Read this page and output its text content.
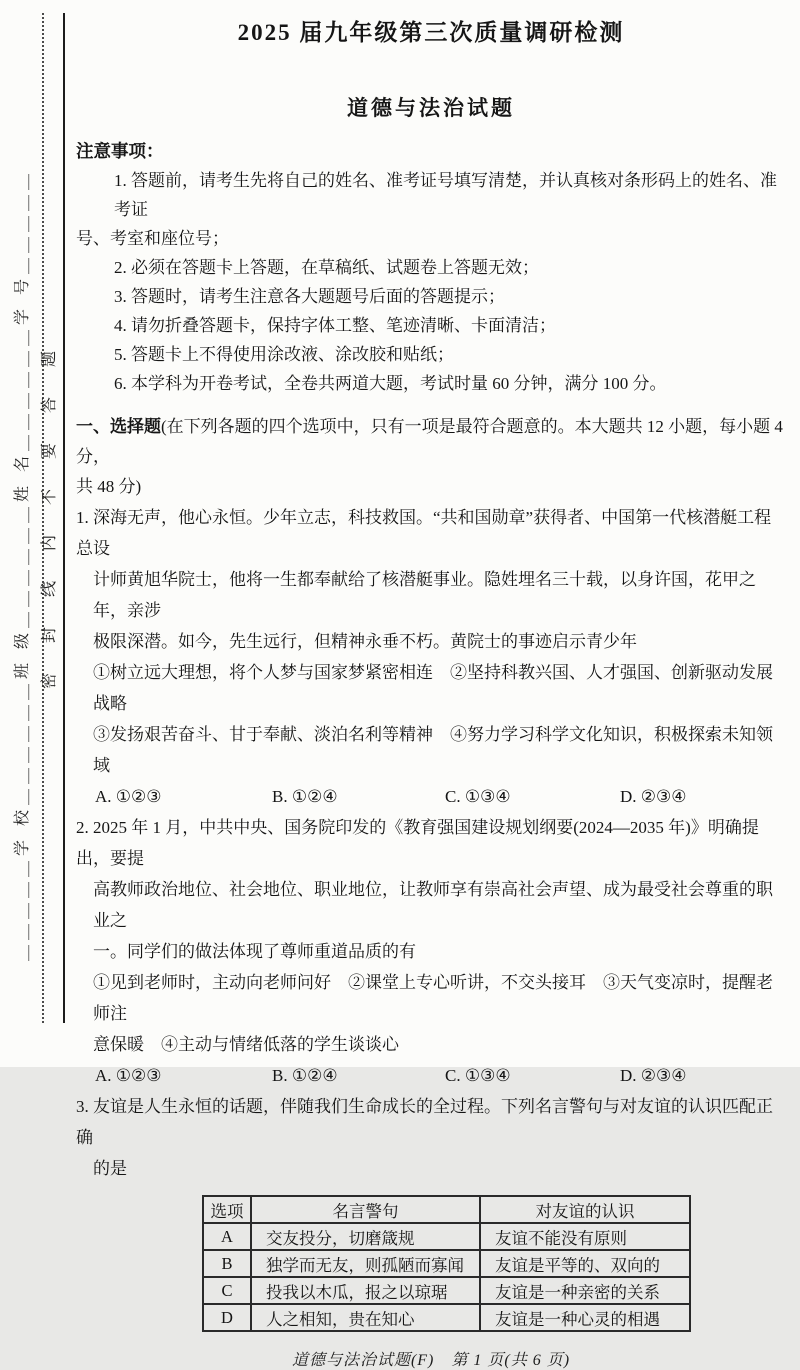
＿＿＿＿＿学 校＿＿＿＿＿＿班 级＿＿＿＿＿＿姓 名＿＿＿＿＿＿学 号＿＿＿＿＿ 密封线内不要答题
2025 届九年级第三次质量调研检测
道德与法治试题
注意事项：
1. 答题前，请考生先将自己的姓名、准考证号填写清楚，并认真核对条形码上的姓名、准考证
号、考室和座位号；
2. 必须在答题卡上答题，在草稿纸、试题卷上答题无效；
3. 答题时，请考生注意各大题题号后面的答题提示；
4. 请勿折叠答题卡，保持字体工整、笔迹清晰、卡面清洁；
5. 答题卡上不得使用涂改液、涂改胶和贴纸；
6. 本学科为开卷考试，全卷共两道大题，考试时量 60 分钟，满分 100 分。
一、选择题(在下列各题的四个选项中，只有一项是最符合题意的。本大题共 12 小题，每小题 4 分，
共 48 分)
1. 深海无声，他心永恒。少年立志，科技救国。“共和国勋章”获得者、中国第一代核潜艇工程总设
计师黄旭华院士，他将一生都奉献给了核潜艇事业。隐姓埋名三十载，以身许国，花甲之年，亲涉
极限深潜。如今，先生远行，但精神永垂不朽。黄院士的事迹启示青少年
①树立远大理想，将个人梦与国家梦紧密相连　②坚持科教兴国、人才强国、创新驱动发展战略
③发扬艰苦奋斗、甘于奉献、淡泊名利等精神　④努力学习科学文化知识，积极探索未知领域
A. ①②③	B. ①②④	C. ①③④	D. ②③④
2. 2025 年 1 月，中共中央、国务院印发的《教育强国建设规划纲要(2024—2035 年)》明确提出，要提
高教师政治地位、社会地位、职业地位，让教师享有崇高社会声望、成为最受社会尊重的职业之
一。同学们的做法体现了尊师重道品质的有
①见到老师时，主动向老师问好　②课堂上专心听讲，不交头接耳　③天气变凉时，提醒老师注
意保暖　④主动与情绪低落的学生谈谈心
A. ①②③	B. ①②④	C. ①③④	D. ②③④
3. 友谊是人生永恒的话题，伴随我们生命成长的全过程。下列名言警句与对友谊的认识匹配正确
的是
选项	名言警句	对友谊的认识
A	交友投分，切磨箴规	友谊不能没有原则
B	独学而无友，则孤陋而寡闻	友谊是平等的、双向的
C	投我以木瓜，报之以琼琚	友谊是一种亲密的关系
D	人之相知，贵在知心	友谊是一种心灵的相遇
道德与法治试题(F)　第 1 页(共 6 页)
